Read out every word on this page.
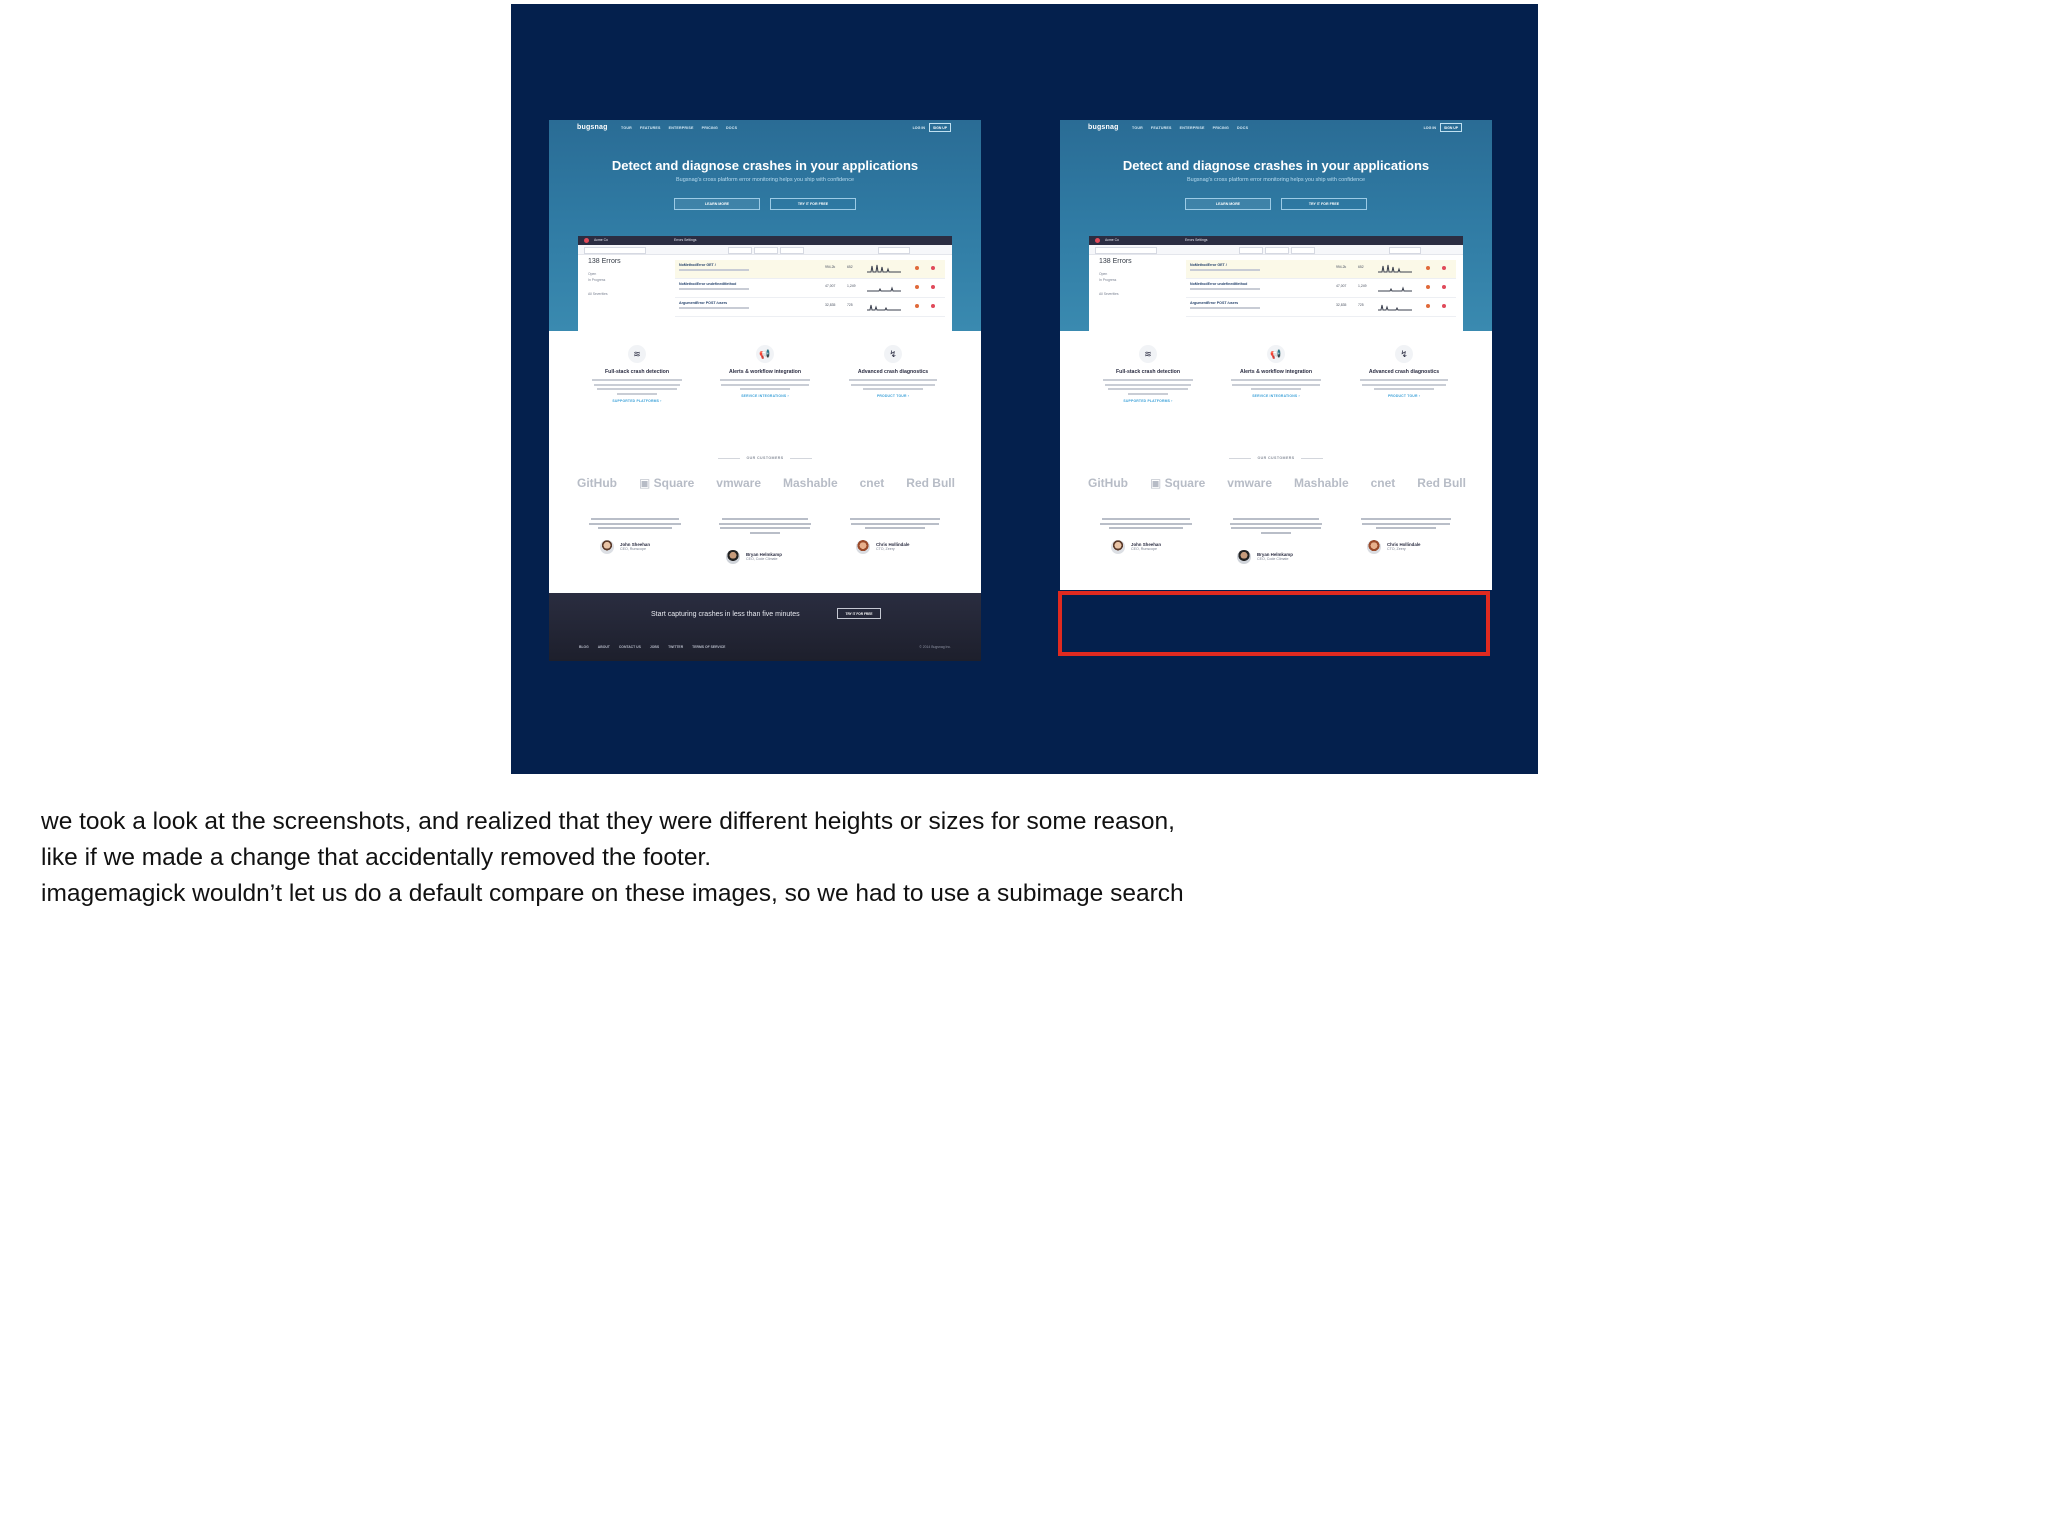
bugsnag	TOUR FEATURES ENTERPRISE PRICING DOCS	LOG IN	SIGN UP
Detect and diagnose crashes in your applications
Bugsnag's cross platform error monitoring helps you ship with confidence
LEARN MORE	TRY IT FOR FREE
Acme Co	Errors Settings
138 Errors
Open
In Progress
All Severities
NoMethodError GET /	994.2k	652
NoMethodError undefinedMethod	47,007	1,249
ArgumentError POST /users	32,835	725
≋
Full-stack crash detection
SUPPORTED PLATFORMS ›
📢
Alerts & workflow integration
SERVICE INTEGRATIONS ›
↯
Advanced crash diagnostics
PRODUCT TOUR ›
OUR CUSTOMERS
GitHub ▣ Square vmware Mashable cnet Red Bull
John Sheehan
CEO, Runscope
Bryan Helmkamp
CEO, Code Climate
Chris Hollindale
CTO, Zeery
Start capturing crashes in less than five minutes	TRY IT FOR FREE
BLOG	ABOUT	CONTACT US	JOBS	TWITTER	TERMS OF SERVICE	© 2014 Bugsnag Inc.
bugsnag	TOUR FEATURES ENTERPRISE PRICING DOCS	LOG IN	SIGN UP
Detect and diagnose crashes in your applications
Bugsnag's cross platform error monitoring helps you ship with confidence
LEARN MORE	TRY IT FOR FREE
Acme Co	Errors Settings
138 Errors
Open
In Progress
All Severities
NoMethodError GET /	994.2k	652
NoMethodError undefinedMethod	47,007	1,249
ArgumentError POST /users	32,835	725
≋
Full-stack crash detection
SUPPORTED PLATFORMS ›
📢
Alerts & workflow integration
SERVICE INTEGRATIONS ›
↯
Advanced crash diagnostics
PRODUCT TOUR ›
OUR CUSTOMERS
GitHub ▣ Square vmware Mashable cnet Red Bull
John Sheehan
CEO, Runscope
Bryan Helmkamp
CEO, Code Climate
Chris Hollindale
CTO, Zeery

we took a look at the screenshots, and realized that they were different heights or sizes for some reason,

like if we made a change that accidentally removed the footer.

imagemagick wouldn’t let us do a default compare on these images, so we had to use a subimage search
